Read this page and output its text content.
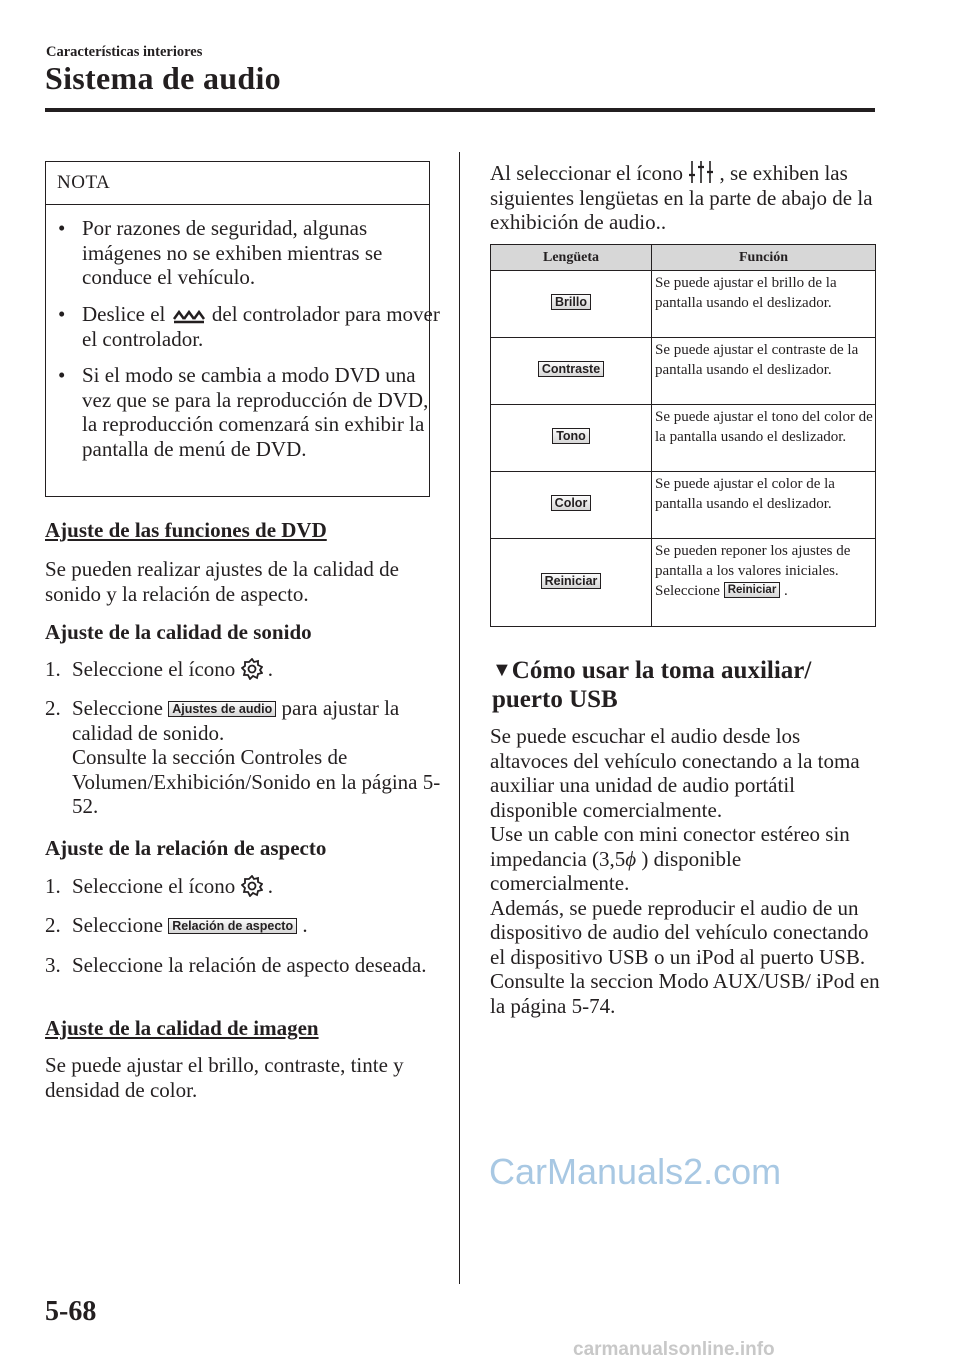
Características interiores
Sistema de audio
NOTA
• Por razones de seguridad, algunas imágenes no se exhiben mientras se conduce el vehículo.
• Deslice el del controlador para mover el controlador.
• Si el modo se cambia a modo DVD una vez que se para la reproducción de DVD, la reproducción comenzará sin exhibir la pantalla de menú de DVD.
Ajuste de las funciones de DVD
Se pueden realizar ajustes de la calidad de sonido y la relación de aspecto.
Ajuste de la calidad de sonido
1. Seleccione el ícono .
2. Seleccione Ajustes de audio para ajustar la calidad de sonido.
Consulte la sección Controles de Volumen/Exhibición/Sonido en la página 5-52.
Ajuste de la relación de aspecto
1. Seleccione el ícono .
2. Seleccione Relación de aspecto .
3. Seleccione la relación de aspecto deseada.
Ajuste de la calidad de imagen
Se puede ajustar el brillo, contraste, tinte y densidad de color.
Al seleccionar el ícono , se exhiben las siguientes lengüetas en la parte de abajo de la exhibición de audio..
Lengüeta	Función
Brillo	Se puede ajustar el brillo de la pantalla usando el deslizador.
Contraste	Se puede ajustar el contraste de la pantalla usando el deslizador.
Tono	Se puede ajustar el tono del color de la pantalla usando el deslizador.
Color	Se puede ajustar el color de la pantalla usando el deslizador.
Reiniciar	Se pueden reponer los ajustes de pantalla a los valores iniciales.
Seleccione Reiniciar .
▼Cómo usar la toma auxiliar/ puerto USB
Se puede escuchar el audio desde los altavoces del vehículo conectando a la toma auxiliar una unidad de audio portátil disponible comercialmente.
Use un cable con mini conector estéreo sin impedancia (3,5ϕ ) disponible comercialmente.
Además, se puede reproducir el audio de un dispositivo de audio del vehículo conectando el dispositivo USB o un iPod al puerto USB.
Consulte la seccion Modo AUX/USB/ iPod en la página 5-74.
CarManuals2.com
5-68
carmanualsonline.info
